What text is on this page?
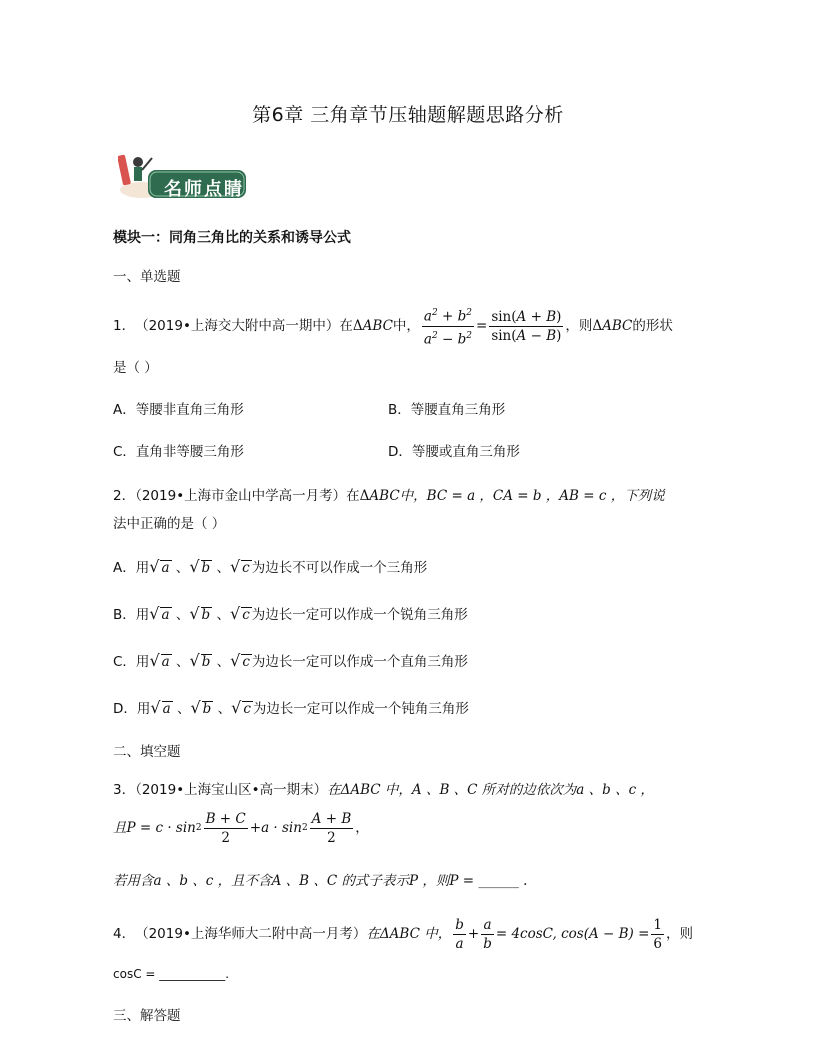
第6章 三角章节压轴题解题思路分析
名师点睛
模块一：同角三角比的关系和诱导公式
一、单选题
1． （2019•上海交大附中高一期中） 在 Δ ABC 中， $\frac{a^2 + b^2}{a^2 - b^2} = \frac{\sin(A + B)}{\sin(A - B)}$ ，则 Δ ABC 的形状
是（ ）
A．等腰非直角三角形	B．等腰直角三角形
C．直角非等腰三角形	D．等腰或直角三角形
2．（2019•上海市金山中学高一月考）在ΔABC中，BC = a ，CA = b ，AB = c ，下列说
法中正确的是（ ）
A．用√ a 、√ b 、√ c 为边长不可以作成一个三角形
B．用√ a 、√ b 、√ c 为边长一定可以作成一个锐角三角形
C．用√ a 、√ b 、√ c 为边长一定可以作成一个直角三角形
D．用√ a 、√ b 、√ c 为边长一定可以作成一个钝角三角形
二、填空题
3．（2019•上海宝山区•高一期末）在ΔABC 中，A 、B 、C 所对的边依次为a 、b 、c ，
且$P = c \cdot \sin 2 \frac{B + C}{2} + a \cdot \sin 2 \frac{A + B}{2}$ ，
若用含a 、b 、c ，且不含A 、B 、C 的式子表示P ，则P = ______ .
4． （2019•上海华师大二附中高一月考） 在ΔABC 中， $\frac{b}{a} + \frac{a}{b} = 4\cos C$, $\cos(A - B) = \frac{1}{6}$ ，则
cosC = ___________.
三、解答题
